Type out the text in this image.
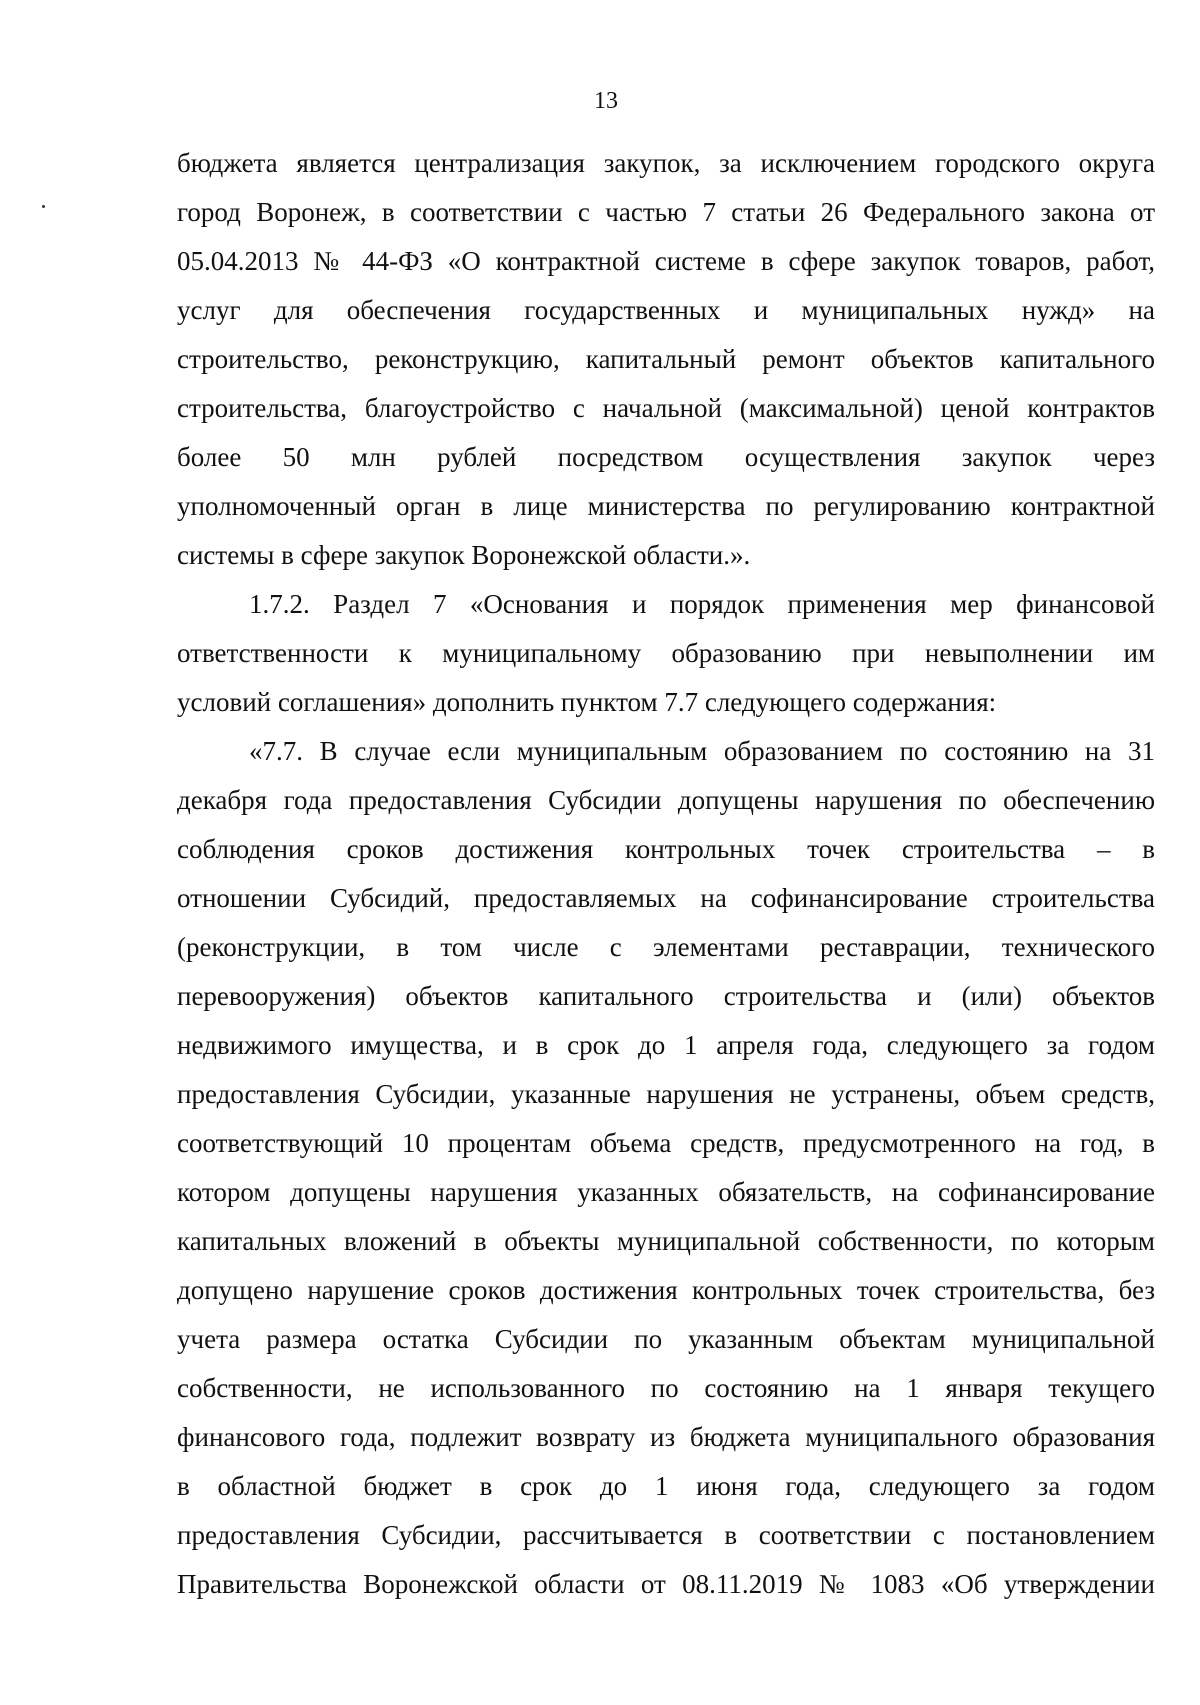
13
бюджета является централизация закупок, за исключением городского округа
город Воронеж, в соответствии с частью 7 статьи 26 Федерального закона от
05.04.2013 № 44-ФЗ «О контрактной системе в сфере закупок товаров, работ,
услуг для обеспечения государственных и муниципальных нужд» на
строительство, реконструкцию, капитальный ремонт объектов капитального
строительства, благоустройство с начальной (максимальной) ценой контрактов
более 50 млн рублей посредством осуществления закупок через
уполномоченный орган в лице министерства по регулированию контрактной
системы в сфере закупок Воронежской области.».
1.7.2. Раздел 7 «Основания и порядок применения мер финансовой
ответственности к муниципальному образованию при невыполнении им
условий соглашения» дополнить пунктом 7.7 следующего содержания:
«7.7. В случае если муниципальным образованием по состоянию на 31
декабря года предоставления Субсидии допущены нарушения по обеспечению
соблюдения сроков достижения контрольных точек строительства – в
отношении Субсидий, предоставляемых на софинансирование строительства
(реконструкции, в том числе с элементами реставрации, технического
перевооружения) объектов капитального строительства и (или) объектов
недвижимого имущества, и в срок до 1 апреля года, следующего за годом
предоставления Субсидии, указанные нарушения не устранены, объем средств,
соответствующий 10 процентам объема средств, предусмотренного на год, в
котором допущены нарушения указанных обязательств, на софинансирование
капитальных вложений в объекты муниципальной собственности, по которым
допущено нарушение сроков достижения контрольных точек строительства, без
учета размера остатка Субсидии по указанным объектам муниципальной
собственности, не использованного по состоянию на 1 января текущего
финансового года, подлежит возврату из бюджета муниципального образования
в областной бюджет в срок до 1 июня года, следующего за годом
предоставления Субсидии, рассчитывается в соответствии с постановлением
Правительства Воронежской области от 08.11.2019 № 1083 «Об утверждении
